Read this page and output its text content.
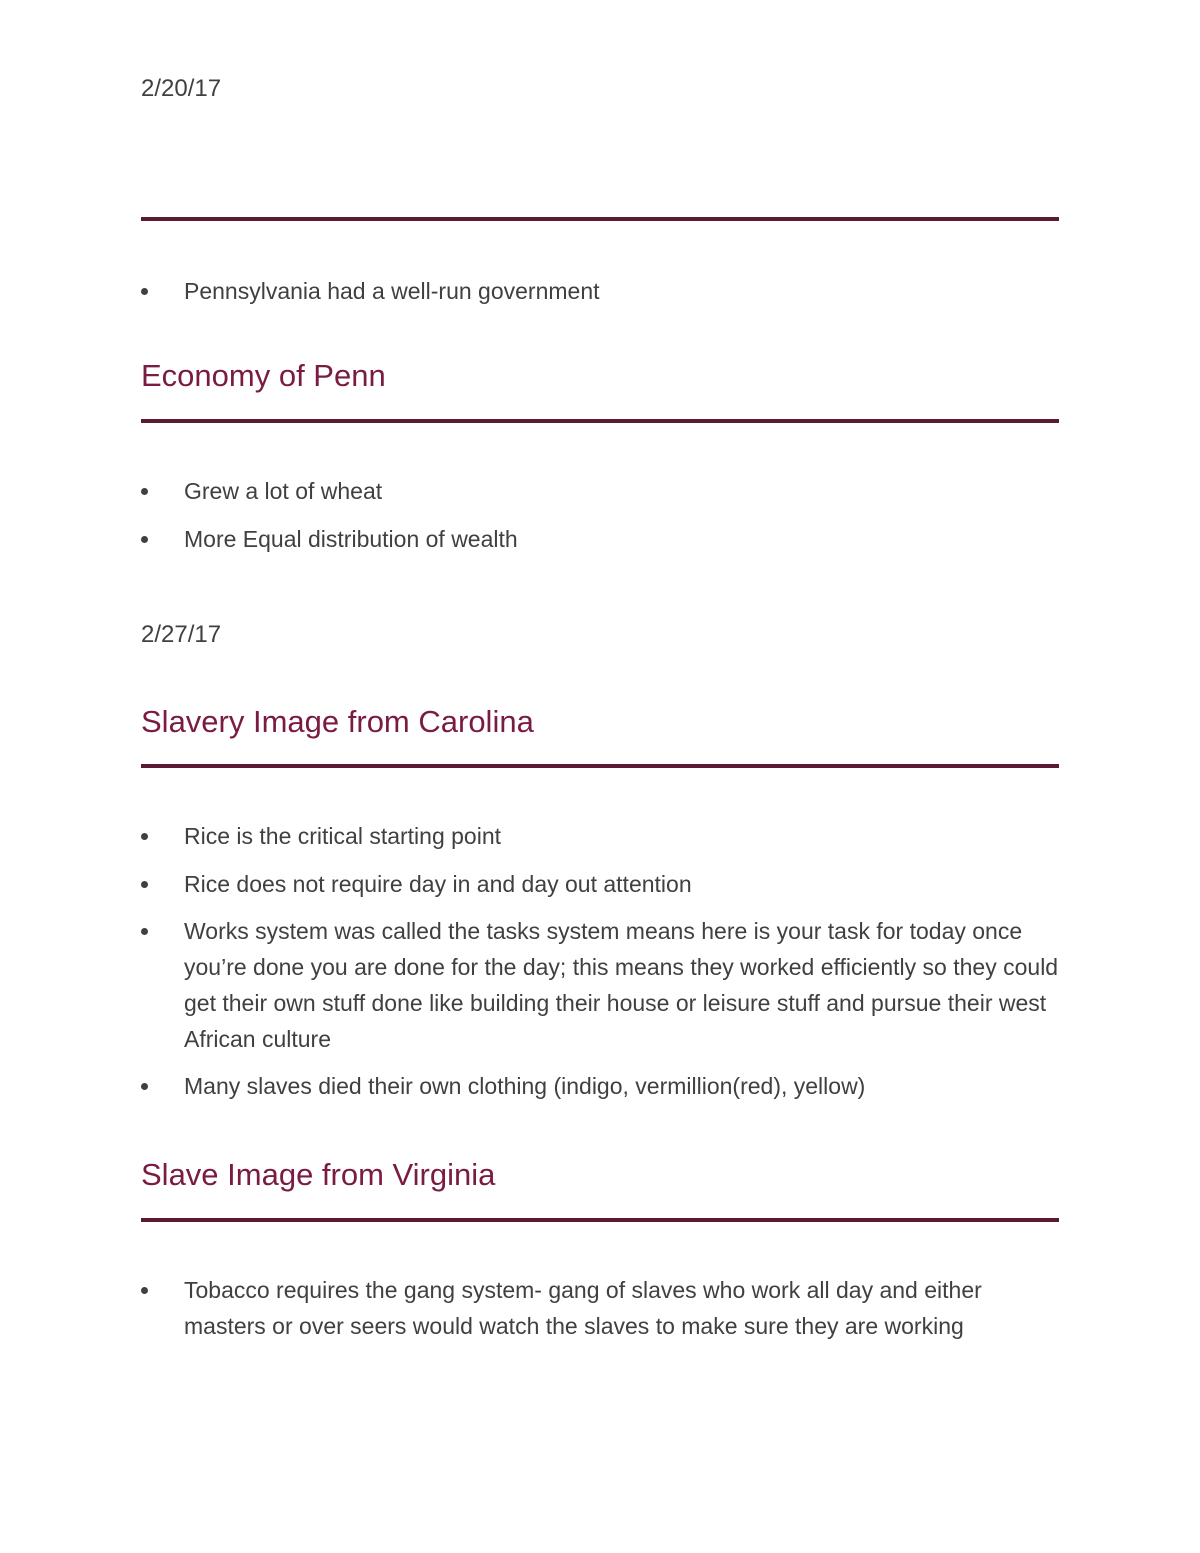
2/20/17
Pennsylvania had a well-run government
Economy of Penn
Grew a lot of wheat
More Equal distribution of wealth
2/27/17
Slavery Image from Carolina
Rice is the critical starting point
Rice does not require day in and day out attention
Works system was called the tasks system means here is your task for today once you’re done you are done for the day; this means they worked efficiently so they could get their own stuff done like building their house or leisure stuff and pursue their west African culture
Many slaves died their own clothing (indigo, vermillion(red), yellow)
Slave Image from Virginia
Tobacco requires the gang system- gang of slaves who work all day and either masters or over seers would watch the slaves to make sure they are working
